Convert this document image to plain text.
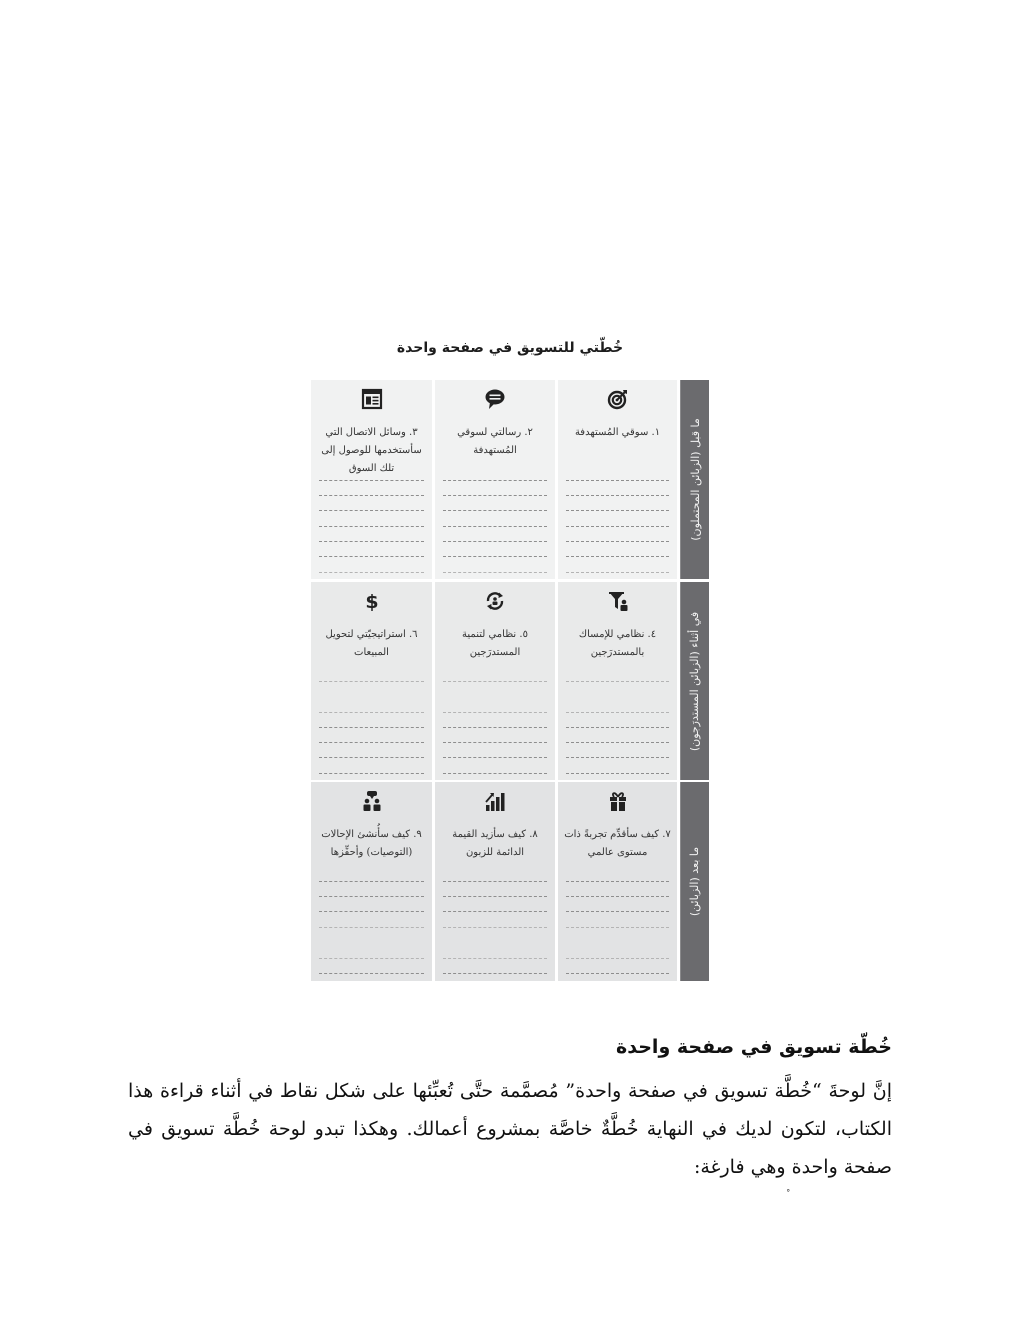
خُطّتي للتسويق في صفحة واحدة
ما قبل (الزبائن المحتملون)
١. سوقي المُستهدفة
٢. رسالتي لسوقي المُستهدفة
٣. وسائل الاتصال التي سأستخدمها للوصول إلى تلك السوق
في أثناء (الزبائن المستدرَجون)
٤. نظامي للإمساك بالمستدرَجين
٥. نظامي لتنمية المستدرَجين
$
٦. استراتيجيّتي لتحويل المبيعات
ما بعد (الزبائن)
٧. كيف سأقدِّم تجربةً ذات مستوى عالمي
٨. كيف سأزيد القيمة الدائمة للزبون
٩. كيف سأُنشئ الإحالات (التوصيات) وأحفِّزها
خُطّة تسويق في صفحة واحدة

إنَّ لوحةَ “خُطَّة تسويق في صفحة واحدة” مُصمَّمة حتَّى تُعبِّئها على شكل نقاط في أثناء قراءة هذا الكتاب، لتكون لديك في النهاية خُطَّةٌ خاصَّة بمشروع أعمالك. وهكذا تبدو لوحة خُطَّة تسويق في صفحة واحدة وهي فارغة:
